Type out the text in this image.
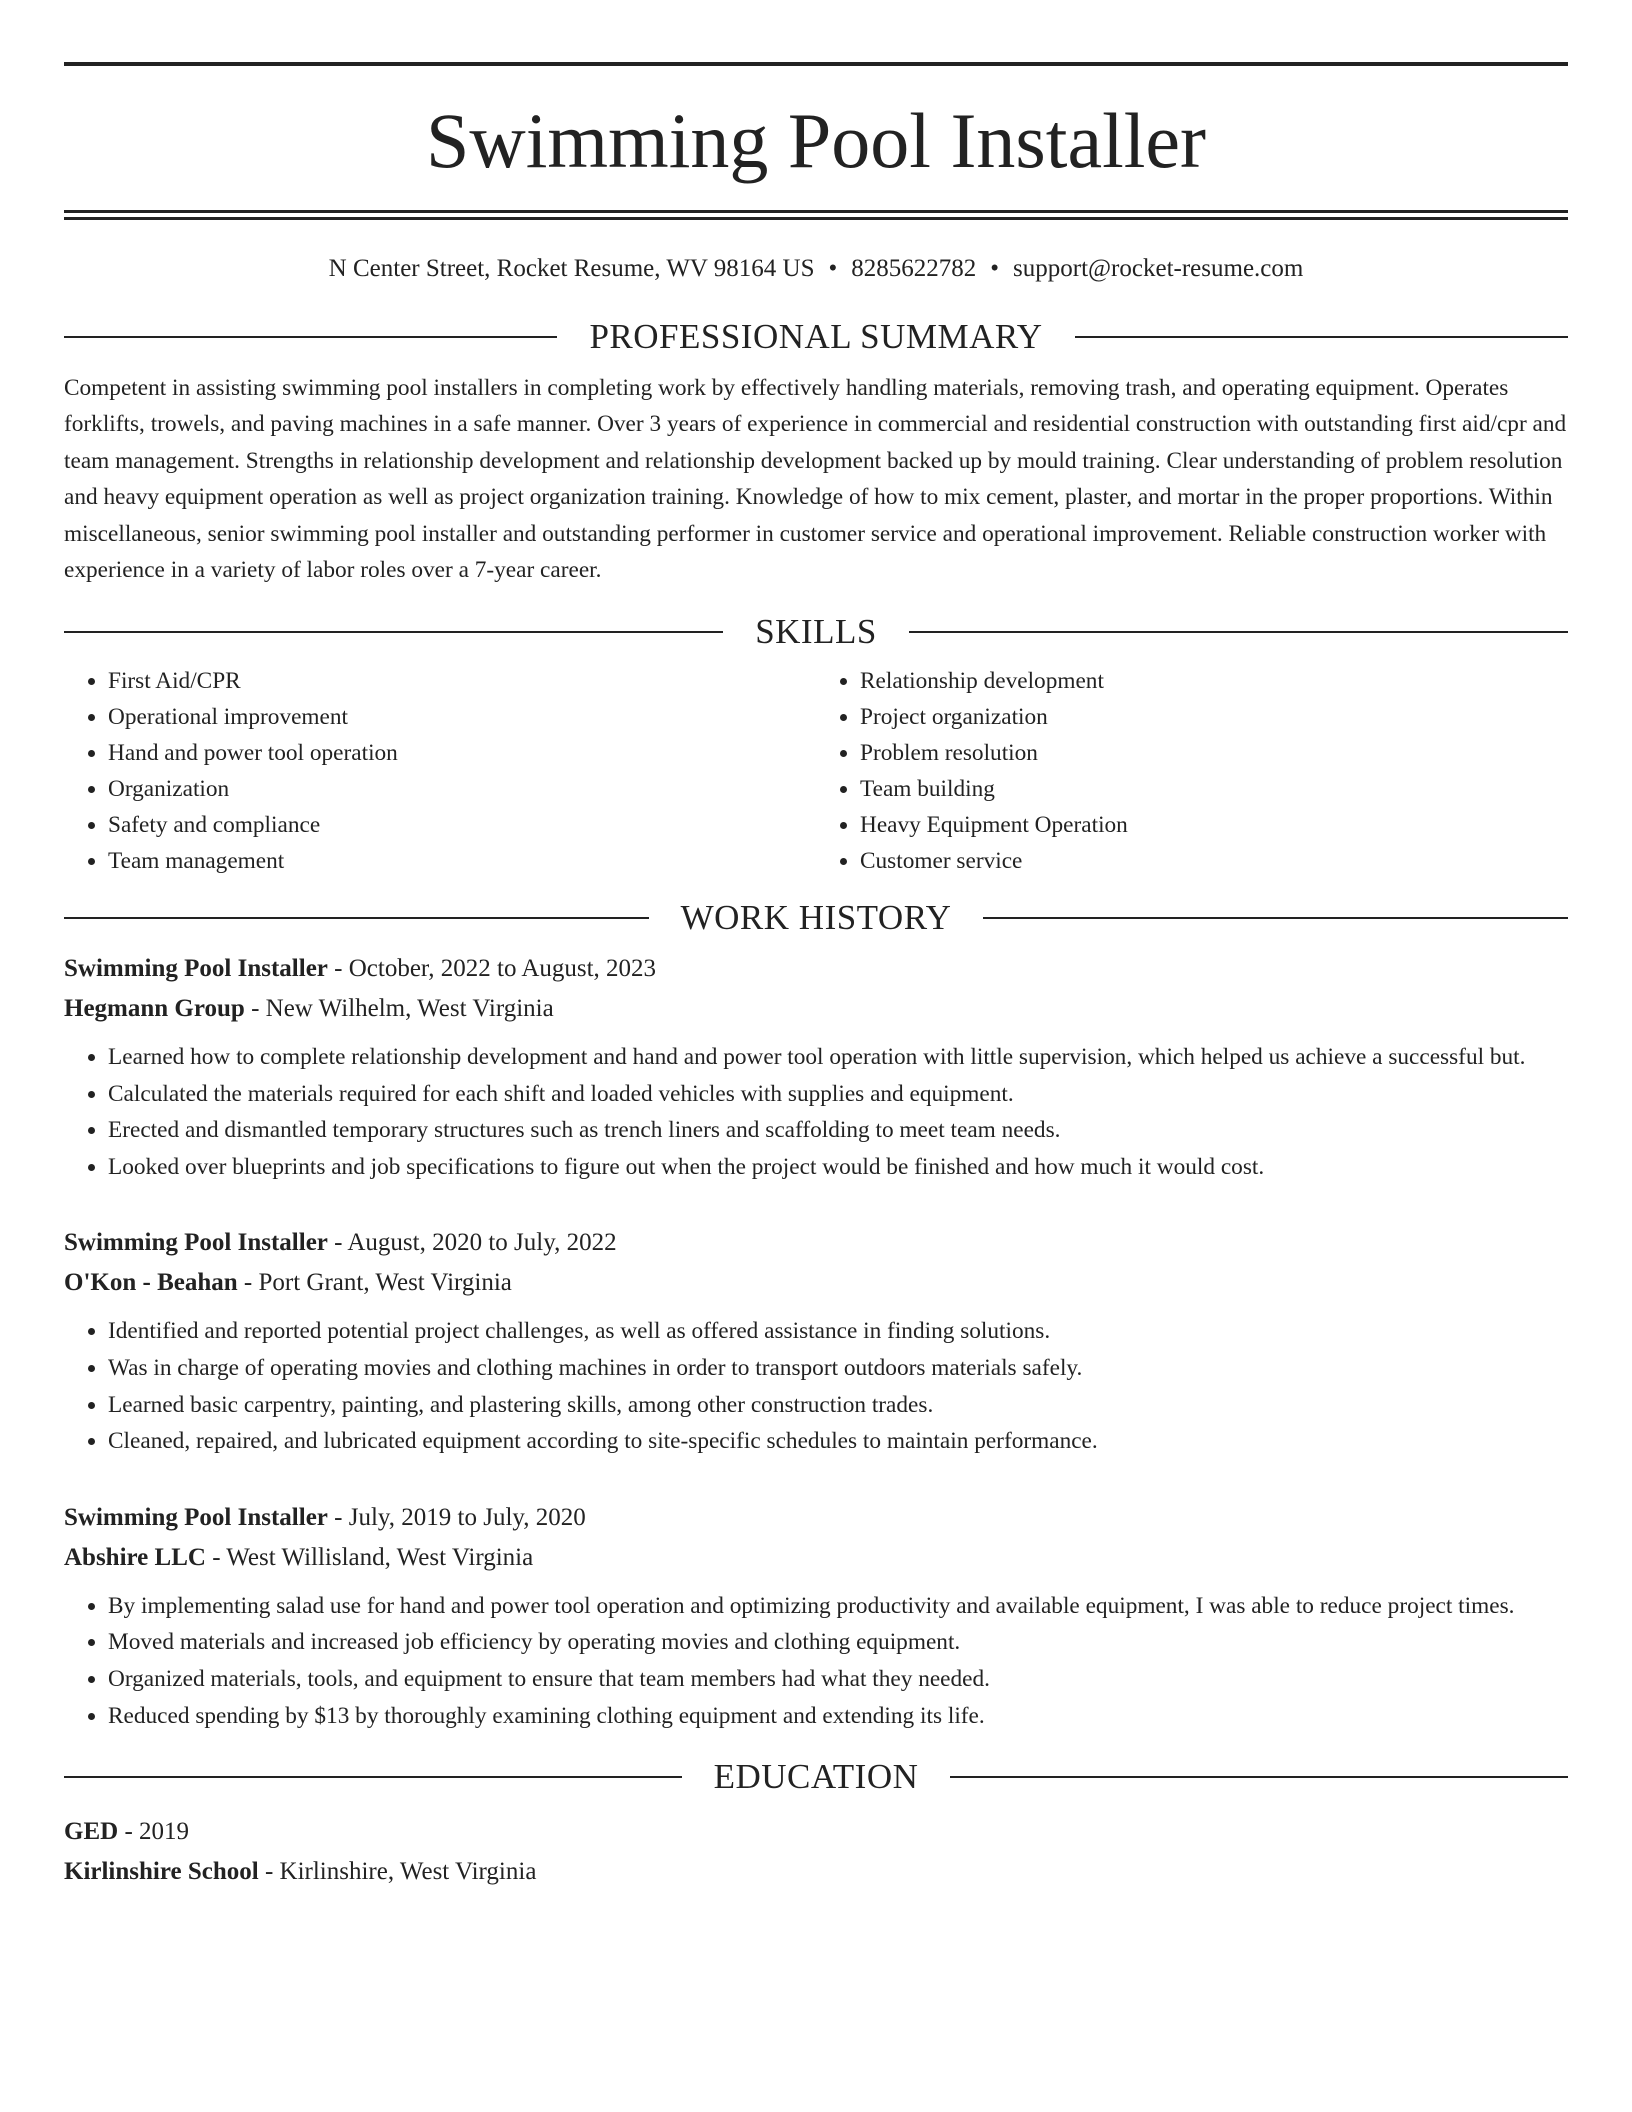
Swimming Pool Installer
N Center Street, Rocket Resume, WV 98164 US • 8285622782 • support@rocket-resume.com
PROFESSIONAL SUMMARY

Competent in assisting swimming pool installers in completing work by effectively handling materials, removing trash, and operating equipment. Operates forklifts, trowels, and paving machines in a safe manner. Over 3 years of experience in commercial and residential construction with outstanding first aid/cpr and team management. Strengths in relationship development and relationship development backed up by mould training. Clear understanding of problem resolution and heavy equipment operation as well as project organization training. Knowledge of how to mix cement, plaster, and mortar in the proper proportions. Within miscellaneous, senior swimming pool installer and outstanding performer in customer service and operational improvement. Reliable construction worker with experience in a variety of labor roles over a 7-year career.

SKILLS
• First Aid/CPR
• Operational improvement
• Hand and power tool operation
• Organization
• Safety and compliance
• Team management
• Relationship development
• Project organization
• Problem resolution
• Team building
• Heavy Equipment Operation
• Customer service
WORK HISTORY
Swimming Pool Installer - October, 2022 to August, 2023
Hegmann Group - New Wilhelm, West Virginia
• Learned how to complete relationship development and hand and power tool operation with little supervision, which helped us achieve a successful but.
• Calculated the materials required for each shift and loaded vehicles with supplies and equipment.
• Erected and dismantled temporary structures such as trench liners and scaffolding to meet team needs.
• Looked over blueprints and job specifications to figure out when the project would be finished and how much it would cost.
Swimming Pool Installer - August, 2020 to July, 2022
O'Kon - Beahan - Port Grant, West Virginia
• Identified and reported potential project challenges, as well as offered assistance in finding solutions.
• Was in charge of operating movies and clothing machines in order to transport outdoors materials safely.
• Learned basic carpentry, painting, and plastering skills, among other construction trades.
• Cleaned, repaired, and lubricated equipment according to site-specific schedules to maintain performance.
Swimming Pool Installer - July, 2019 to July, 2020
Abshire LLC - West Willisland, West Virginia
• By implementing salad use for hand and power tool operation and optimizing productivity and available equipment, I was able to reduce project times.
• Moved materials and increased job efficiency by operating movies and clothing equipment.
• Organized materials, tools, and equipment to ensure that team members had what they needed.
• Reduced spending by $13 by thoroughly examining clothing equipment and extending its life.
EDUCATION
GED - 2019
Kirlinshire School - Kirlinshire, West Virginia
